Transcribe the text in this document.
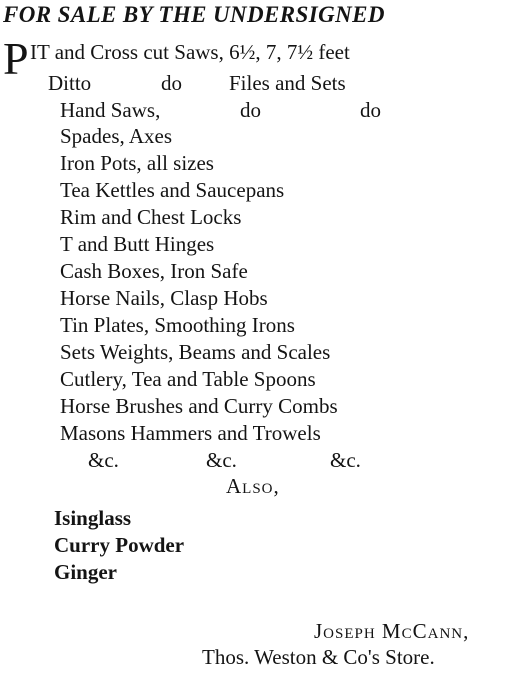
FOR SALE BY THE UNDERSIGNED
P IT and Cross cut Saws, 6½, 7, 7½ feet
Ditto	do Files and Sets
Hand Saws,	do	do
Spades, Axes
Iron Pots, all sizes
Tea Kettles and Saucepans
Rim and Chest Locks
T and Butt Hinges
Cash Boxes, Iron Safe
Horse Nails, Clasp Hobs
Tin Plates, Smoothing Irons
Sets Weights, Beams and Scales
Cutlery, Tea and Table Spoons
Horse Brushes and Curry Combs
Masons Hammers and Trowels
&c.	&c.	&c.
Also,
Isinglass
Curry Powder
Ginger
Joseph McCann,
Thos. Weston & Co's Store.
